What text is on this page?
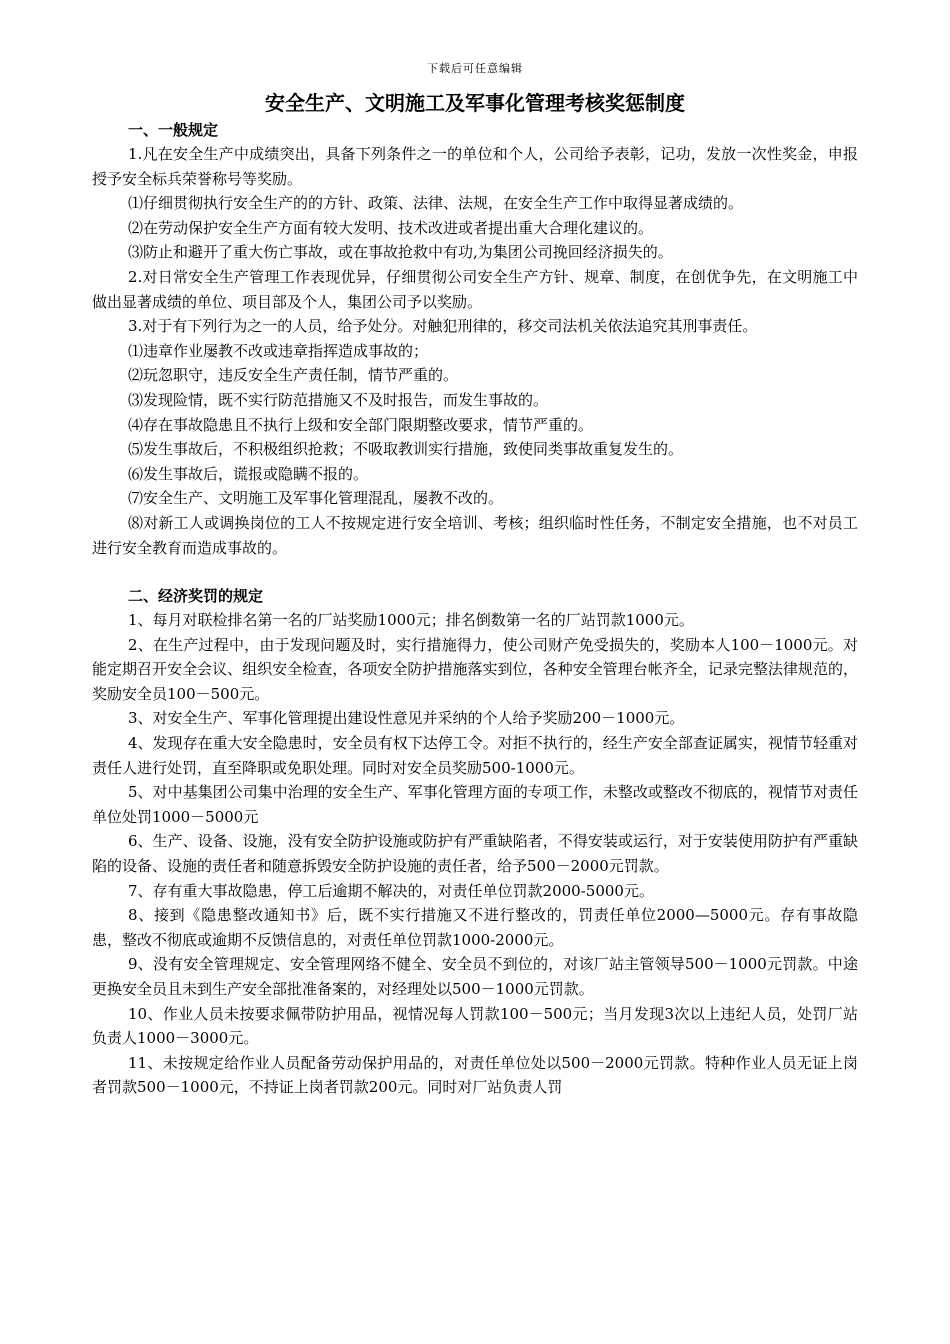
下载后可任意编辑
安全生产、文明施工及军事化管理考核奖惩制度
一、一般规定

1.凡在安全生产中成绩突出，具备下列条件之一的单位和个人，公司给予表彰，记功，发放一次性奖金，申报授予安全标兵荣誉称号等奖励。

⑴仔细贯彻执行安全生产的的方针、政策、法律、法规，在安全生产工作中取得显著成绩的。

⑵在劳动保护安全生产方面有较大发明、技术改进或者提出重大合理化建议的。

⑶防止和避开了重大伤亡事故，或在事故抢救中有功,为集团公司挽回经济损失的。

2.对日常安全生产管理工作表现优异，仔细贯彻公司安全生产方针、规章、制度，在创优争先，在文明施工中做出显著成绩的单位、项目部及个人，集团公司予以奖励。

3.对于有下列行为之一的人员，给予处分。对触犯刑律的，移交司法机关依法追究其刑事责任。

⑴违章作业屡教不改或违章指挥造成事故的；

⑵玩忽职守，违反安全生产责任制，情节严重的。

⑶发现险情，既不实行防范措施又不及时报告，而发生事故的。

⑷存在事故隐患且不执行上级和安全部门限期整改要求，情节严重的。

⑸发生事故后，不积极组织抢救；不吸取教训实行措施，致使同类事故重复发生的。

⑹发生事故后，谎报或隐瞒不报的。

⑺安全生产、文明施工及军事化管理混乱，屡教不改的。

⑻对新工人或调换岗位的工人不按规定进行安全培训、考核；组织临时性任务，不制定安全措施，也不对员工进行安全教育而造成事故的。

二、经济奖罚的规定

1、每月对联检排名第一名的厂站奖励1000元；排名倒数第一名的厂站罚款1000元。

2、在生产过程中，由于发现问题及时，实行措施得力，使公司财产免受损失的，奖励本人100－1000元。对能定期召开安全会议、组织安全检查，各项安全防护措施落实到位，各种安全管理台帐齐全，记录完整法律规范的，奖励安全员100－500元。

3、对安全生产、军事化管理提出建设性意见并采纳的个人给予奖励200－1000元。

4、发现存在重大安全隐患时，安全员有权下达停工令。对拒不执行的，经生产安全部查证属实，视情节轻重对责任人进行处罚，直至降职或免职处理。同时对安全员奖励500-1000元。

5、对中基集团公司集中治理的安全生产、军事化管理方面的专项工作，未整改或整改不彻底的，视情节对责任单位处罚1000－5000元

6、生产、设备、设施，没有安全防护设施或防护有严重缺陷者，不得安装或运行，对于安装使用防护有严重缺陷的设备、设施的责任者和随意拆毁安全防护设施的责任者，给予500－2000元罚款。

7、存有重大事故隐患，停工后逾期不解决的，对责任单位罚款2000-5000元。

8、接到《隐患整改通知书》后，既不实行措施又不进行整改的，罚责任单位2000—5000元。存有事故隐患，整改不彻底或逾期不反馈信息的，对责任单位罚款1000-2000元。

9、没有安全管理规定、安全管理网络不健全、安全员不到位的，对该厂站主管领导500－1000元罚款。中途更换安全员且未到生产安全部批准备案的，对经理处以500－1000元罚款。

10、作业人员未按要求佩带防护用品，视情况每人罚款100－500元；当月发现3次以上违纪人员，处罚厂站负责人1000－3000元。

11、未按规定给作业人员配备劳动保护用品的，对责任单位处以500－2000元罚款。特种作业人员无证上岗者罚款500－1000元，不持证上岗者罚款200元。同时对厂站负责人罚
